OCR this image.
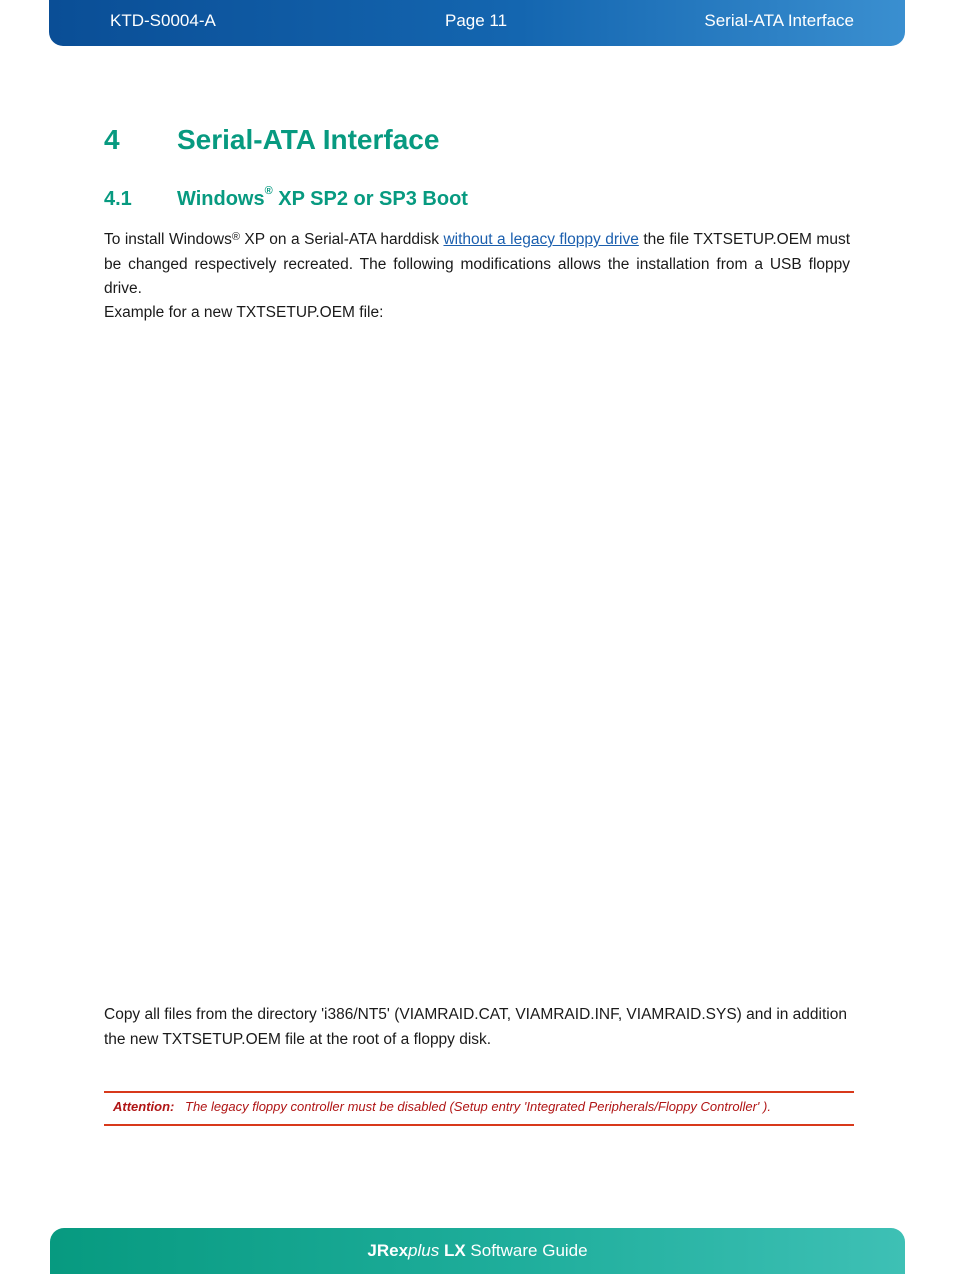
KTD-S0004-A	Page 11	Serial-ATA Interface
4 Serial-ATA Interface
4.1 Windows® XP SP2 or SP3 Boot
To install Windows® XP on a Serial-ATA harddisk without a legacy floppy drive the file TXTSETUP.OEM must be changed respectively recreated. The following modifications allows the installation from a USB floppy drive.
Example for a new TXTSETUP.OEM file:
Copy all files from the directory 'i386/NT5' (VIAMRAID.CAT, VIAMRAID.INF, VIAMRAID.SYS) and in addition the new TXTSETUP.OEM file at the root of a floppy disk.
Attention: The legacy floppy controller must be disabled (Setup entry 'Integrated Peripherals/Floppy Controller' ).
JRexplus LX Software Guide
